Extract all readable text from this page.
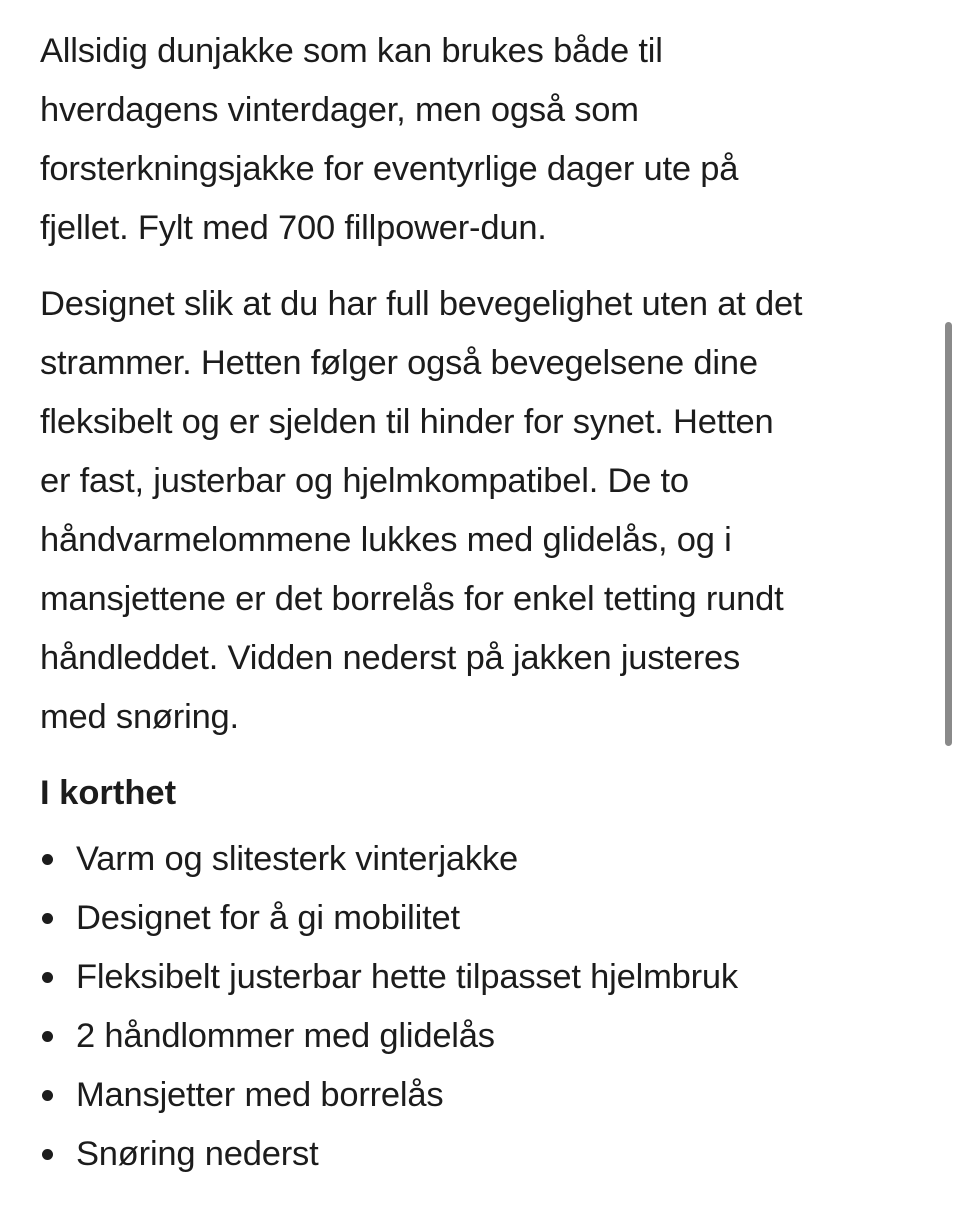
Allsidig dunjakke som kan brukes både til
hverdagens vinterdager, men også som
forsterkningsjakke for eventyrlige dager ute på
fjellet. Fylt med 700 fillpower-dun.

Designet slik at du har full bevegelighet uten at det
strammer. Hetten følger også bevegelsene dine
fleksibelt og er sjelden til hinder for synet. Hetten
er fast, justerbar og hjelmkompatibel. De to
håndvarmelommene lukkes med glidelås, og i
mansjettene er det borrelås for enkel tetting rundt
håndleddet. Vidden nederst på jakken justeres
med snøring.

I korthet
Varm og slitesterk vinterjakke
Designet for å gi mobilitet
Fleksibelt justerbar hette tilpasset hjelmbruk
2 håndlommer med glidelås
Mansjetter med borrelås
Snøring nederst
